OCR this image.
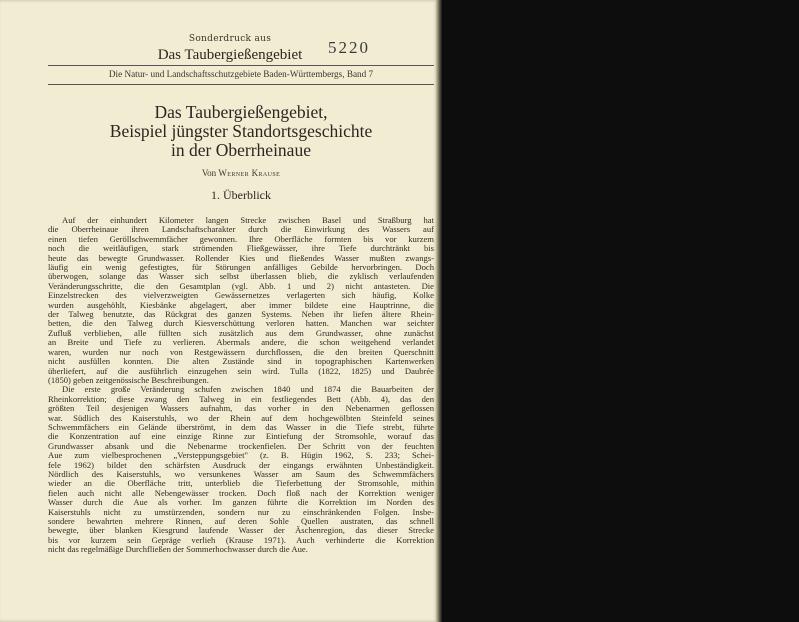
Sonderdruck aus
Das Taubergießengebiet	5220
Die Natur- und Landschaftsschutzgebiete Baden-Württembergs, Band 7
Das Taubergießengebiet,
Beispiel jüngster Standortsgeschichte
in der Oberrheinaue
Von Werner Krause
1. Überblick
Auf der einhundert Kilometer langen Strecke zwischen Basel und Straßburg hat
die Oberrheinaue ihren Landschaftscharakter durch die Einwirkung des Wassers auf
einen tiefen Geröllschwemmfächer gewonnen. Ihre Oberfläche formten bis vor kurzem
noch die weitläufigen, stark strömenden Fließgewässer, ihre Tiefe durchtränkt bis
heute das bewegte Grundwasser. Rollender Kies und fließendes Wasser mußten zwangs-
läufig ein wenig gefestigtes, für Störungen anfälliges Gebilde hervorbringen. Doch
überwogen, solange das Wasser sich selbst überlassen blieb, die zyklisch verlaufenden
Veränderungsschritte, die den Gesamtplan (vgl. Abb. 1 und 2) nicht antasteten. Die
Einzelstrecken des vielverzweigten Gewässernetzes verlagerten sich häufig, Kolke
wurden ausgehöhlt, Kiesbänke abgelagert, aber immer bildete eine Hauptrinne, die
der Talweg benutzte, das Rückgrat des ganzen Systems. Neben ihr liefen ältere Rhein-
betten, die den Talweg durch Kiesverschüttung verloren hatten. Manchen war seichter
Zufluß verblieben, alle füllten sich zusätzlich aus dem Grundwasser, ohne zunächst
an Breite und Tiefe zu verlieren. Abermals andere, die schon weitgehend verlandet
waren, wurden nur noch von Restgewässern durchflossen, die den breiten Querschnitt
nicht ausfüllen konnten. Die alten Zustände sind in topographischen Kartenwerken
überliefert, auf die ausführlich einzugehen sein wird. Tulla (1822, 1825) und Daubrée
(1850) geben zeitgenössische Beschreibungen.
Die erste große Veränderung schufen zwischen 1840 und 1874 die Bauarbeiten der
Rheinkorrektion; diese zwang den Talweg in ein festliegendes Bett (Abb. 4), das den
größten Teil desjenigen Wassers aufnahm, das vorher in den Nebenarmen geflossen
war. Südlich des Kaiserstuhls, wo der Rhein auf dem hochgewölbten Steinfeld seines
Schwemmfächers ein Gelände überströmt, in dem das Wasser in die Tiefe strebt, führte
die Konzentration auf eine einzige Rinne zur Eintiefung der Stromsohle, worauf das
Grundwasser absank und die Nebenarme trockenfielen. Der Schritt von der feuchten
Aue zum vielbesprochenen „Versteppungsgebiet" (z. B. Hügin 1962, S. 233; Schei-
fele 1962) bildet den schärfsten Ausdruck der eingangs erwähnten Unbeständigkeit.
Nördlich des Kaiserstuhls, wo versunkenes Wasser am Saum des Schwemmfächers
wieder an die Oberfläche tritt, unterblieb die Tieferbettung der Stromsohle, mithin
fielen auch nicht alle Nebengewässer trocken. Doch floß nach der Korrektion weniger
Wasser durch die Aue als vorher. Im ganzen führte die Korrektion im Norden des
Kaiserstuhls nicht zu umstürzenden, sondern nur zu einschränkenden Folgen. Insbe-
sondere bewahrten mehrere Rinnen, auf deren Sohle Quellen austraten, das schnell
bewegte, über blanken Kiesgrund laufende Wasser der Äschenregion, das dieser Strecke
bis vor kurzem sein Gepräge verlieh (Krause 1971). Auch verhinderte die Korrektion
nicht das regelmäßige Durchfließen der Sommerhochwasser durch die Aue.
